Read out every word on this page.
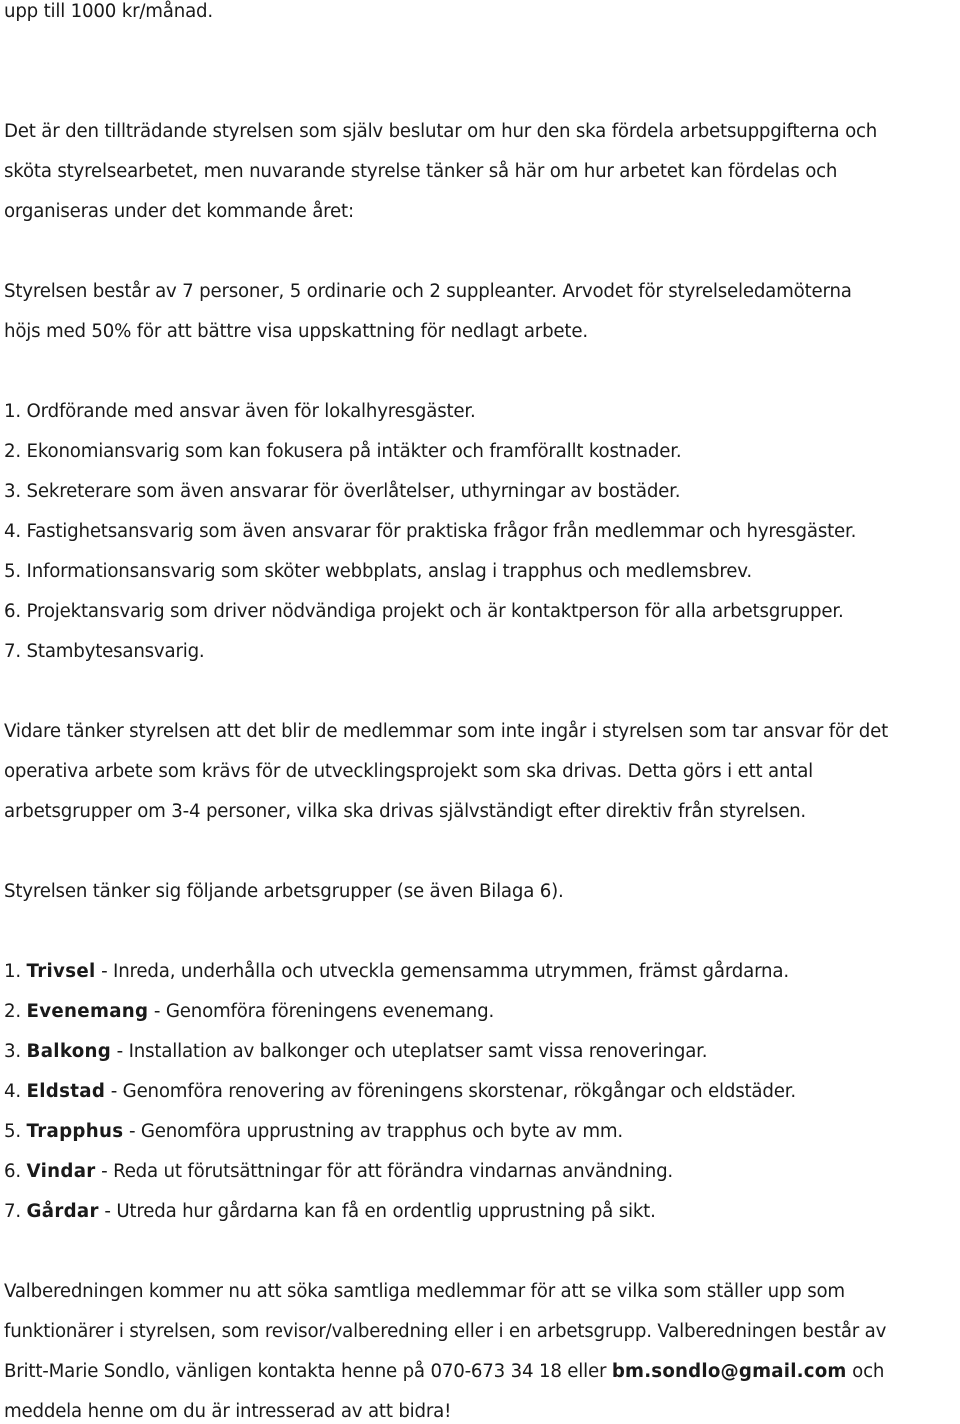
upp till 1000 kr/månad.
Det är den tillträdande styrelsen som själv beslutar om hur den ska fördela arbetsuppgifterna och
sköta styrelsearbetet, men nuvarande styrelse tänker så här om hur arbetet kan fördelas och
organiseras under det kommande året:
Styrelsen består av 7 personer, 5 ordinarie och 2 suppleanter. Arvodet för styrelseledamöterna
höjs med 50% för att bättre visa uppskattning för nedlagt arbete.
1. Ordförande med ansvar även för lokalhyresgäster.
2. Ekonomiansvarig som kan fokusera på intäkter och framförallt kostnader.
3. Sekreterare som även ansvarar för överlåtelser, uthyrningar av bostäder.
4. Fastighetsansvarig som även ansvarar för praktiska frågor från medlemmar och hyresgäster.
5. Informationsansvarig som sköter webbplats, anslag i trapphus och medlemsbrev.
6. Projektansvarig som driver nödvändiga projekt och är kontaktperson för alla arbetsgrupper.
7. Stambytesansvarig.
Vidare tänker styrelsen att det blir de medlemmar som inte ingår i styrelsen som tar ansvar för det
operativa arbete som krävs för de utvecklingsprojekt som ska drivas. Detta görs i ett antal
arbetsgrupper om 3-4 personer, vilka ska drivas självständigt efter direktiv från styrelsen.
Styrelsen tänker sig följande arbetsgrupper (se även Bilaga 6).
1. Trivsel - Inreda, underhålla och utveckla gemensamma utrymmen, främst gårdarna.
2. Evenemang - Genomföra föreningens evenemang.
3. Balkong - Installation av balkonger och uteplatser samt vissa renoveringar.
4. Eldstad - Genomföra renovering av föreningens skorstenar, rökgångar och eldstäder.
5. Trapphus - Genomföra upprustning av trapphus och byte av mm.
6. Vindar - Reda ut förutsättningar för att förändra vindarnas användning.
7. Gårdar - Utreda hur gårdarna kan få en ordentlig upprustning på sikt.
Valberedningen kommer nu att söka samtliga medlemmar för att se vilka som ställer upp som
funktionärer i styrelsen, som revisor/valberedning eller i en arbetsgrupp. Valberedningen består av
Britt-Marie Sondlo, vänligen kontakta henne på 070-673 34 18 eller bm.sondlo@gmail.com och
meddela henne om du är intresserad av att bidra!
